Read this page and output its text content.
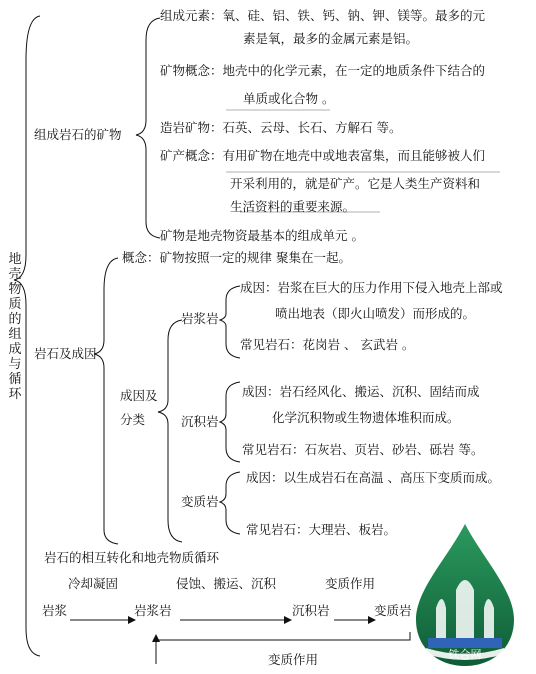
地壳物质的组成与循环
组成岩石的矿物
组成元素：氧、硅、铝、铁、钙、钠、钾、镁等。最多的元
素是氧，最多的金属元素是铝。
矿物概念：地壳中的化学元素，在一定的地质条件下结合的
单质或化合物 。
造岩矿物：石英、云母、长石、方解石 等。
矿产概念：有用矿物在地壳中或地表富集，而且能够被人们
开采利用的，就是矿产。它是人类生产资料和
生活资料的重要来源。
矿物是地壳物资最基本的组成单元 。
岩石及成因
概念：矿物按照一定的规律 聚集在一起。
成因及
分类
岩浆岩
成因：岩浆在巨大的压力作用下侵入地壳上部或
喷出地表（即火山喷发）而形成的。
常见岩石：花岗岩 、 玄武岩 。
沉积岩
成因：岩石经风化、搬运、沉积、固结而成
化学沉积物或生物遗体堆积而成。
常见岩石：石灰岩、页岩、砂岩、砾岩 等。
变质岩
成因：以生成岩石在高温 、高压下变质而成。
常见岩石：大理岩、板岩。
岩石的相互转化和地壳物质循环
冷却凝固	侵蚀、搬运、沉积	变质作用
岩浆	岩浆岩	沉积岩	变质岩
变质作用	铁合网
